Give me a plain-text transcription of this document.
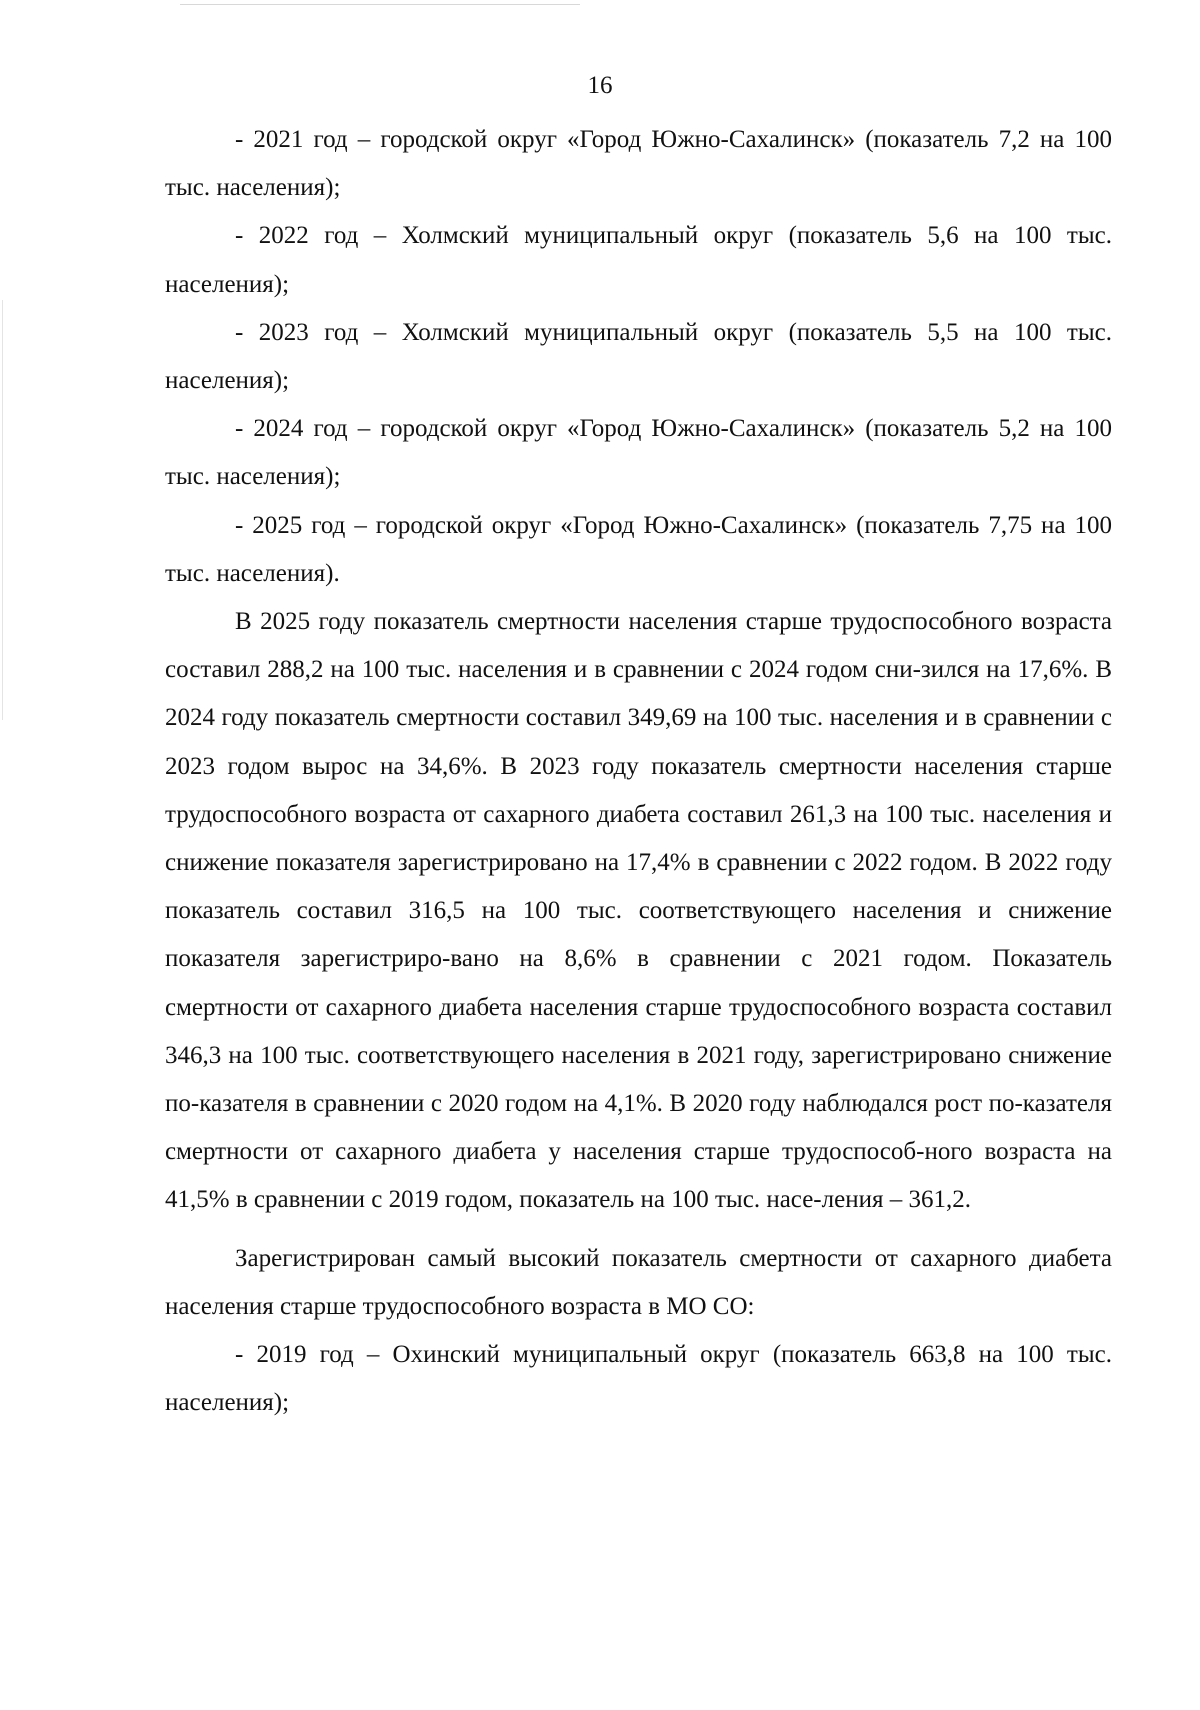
16

- 2021 год – городской округ «Город Южно-Сахалинск» (показатель 7,2 на 100 тыс. населения);

- 2022 год – Холмский муниципальный округ (показатель 5,6 на 100 тыс. населения);

- 2023 год – Холмский муниципальный округ (показатель 5,5 на 100 тыс. населения);

- 2024 год – городской округ «Город Южно-Сахалинск» (показатель 5,2 на 100 тыс. населения);

- 2025 год – городской округ «Город Южно-Сахалинск» (показатель 7,75 на 100 тыс. населения).

В 2025 году показатель смертности населения старше трудоспособного возраста составил 288,2 на 100 тыс. населения и в сравнении с 2024 годом сни-зился на 17,6%. В 2024 году показатель смертности составил 349,69 на 100 тыс. населения и в сравнении с 2023 годом вырос на 34,6%. В 2023 году показатель смертности населения старше трудоспособного возраста от сахарного диабета составил 261,3 на 100 тыс. населения и снижение показателя зарегистрировано на 17,4% в сравнении с 2022 годом. В 2022 году показатель составил 316,5 на 100 тыс. соответствующего населения и снижение показателя зарегистриро-вано на 8,6% в сравнении с 2021 годом. Показатель смертности от сахарного диабета населения старше трудоспособного возраста составил 346,3 на 100 тыс. соответствующего населения в 2021 году, зарегистрировано снижение по-казателя в сравнении с 2020 годом на 4,1%. В 2020 году наблюдался рост по-казателя смертности от сахарного диабета у населения старше трудоспособ-ного возраста на 41,5% в сравнении с 2019 годом, показатель на 100 тыс. насе-ления – 361,2.

Зарегистрирован самый высокий показатель смертности от сахарного диабета населения старше трудоспособного возраста в МО СО:

- 2019 год – Охинский муниципальный округ (показатель 663,8 на 100 тыс. населения);
